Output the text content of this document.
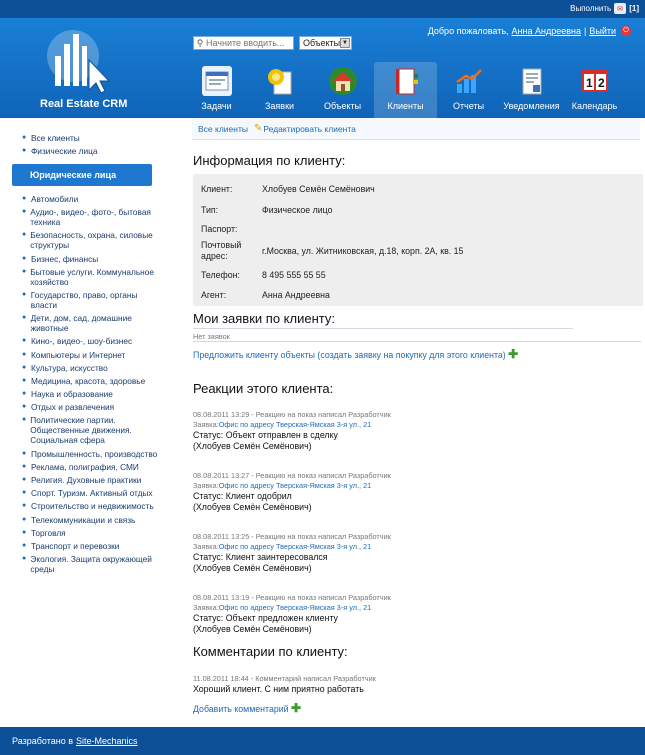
Выполнить ✉ [1]
Real Estate CRM
⚲
Начните вводить...	Объекты ▼
Добро пожаловать, Анна Андреевна | Выйти	⏻
Задачи	Заявки	Объекты	Клиенты	Отчеты Уведомления
1 2
Календарь
● Все клиенты
● Физические лица
Юридические лица
● Автомобили
● Аудио-, видео-, фото-, бытовая техника
● Безопасность, охрана, силовые структуры
● Бизнес, финансы
● Бытовые услуги. Коммунальное хозяйство
● Государство, право, органы власти
● Дети, дом, сад, домашние животные
● Кино-, видео-, шоу-бизнес
● Компьютеры и Интернет
● Культура, искусство
● Медицина, красота, здоровье
● Наука и образование
● Отдых и развлечения
● Политические партии. Общественные движения. Социальная сфера
● Промышленность, производство
● Реклама, полиграфия, СМИ
● Религия. Духовные практики
● Спорт. Туризм. Активный отдых
● Строительство и недвижимость
● Телекоммуникации и связь
● Торговля
● Транспорт и перевозки
● Экология. Защита окружающей среды
Все клиенты ✎ Редактировать клиента
Информация по клиенту:
Клиент:	Хлобуев Семён Семёнович
Тип:	Физическое лицо
Паспорт:
Почтовый адрес:	г.Москва, ул. Житниковская, д.18, корп. 2А, кв. 15
Телефон:	8 495 555 55 55
Агент:	Анна Андреевна
Мои заявки по клиенту:
Нет заявок
Предложить клиенту объекты (создать заявку на покупку для этого клиента) ✚
Реакции этого клиента:
08.08.2011 13:29 - Реакцию на показ написал Разработчик
Заявка:Офис по адресу Тверская-Ямская 3-я ул., 21
Статус: Объект отправлен в сделку
(Хлобуев Семён Семёнович)
08.08.2011 13:27 - Реакцию на показ написал Разработчик
Заявка:Офис по адресу Тверская-Ямская 3-я ул., 21
Статус: Клиент одобрил
(Хлобуев Семён Семёнович)
08.08.2011 13:25 - Реакцию на показ написал Разработчик
Заявка:Офис по адресу Тверская-Ямская 3-я ул., 21
Статус: Клиент заинтересовался
(Хлобуев Семён Семёнович)
08.08.2011 13:19 - Реакцию на показ написал Разработчик
Заявка:Офис по адресу Тверская-Ямская 3-я ул., 21
Статус: Объект предложен клиенту
(Хлобуев Семён Семёнович)
Комментарии по клиенту:
11.08.2011 18:44 - Комментарий написал Разработчик
Хороший клиент. С ним приятно работать
Добавить комментарий ✚
Разработано в Site-Mechanics
